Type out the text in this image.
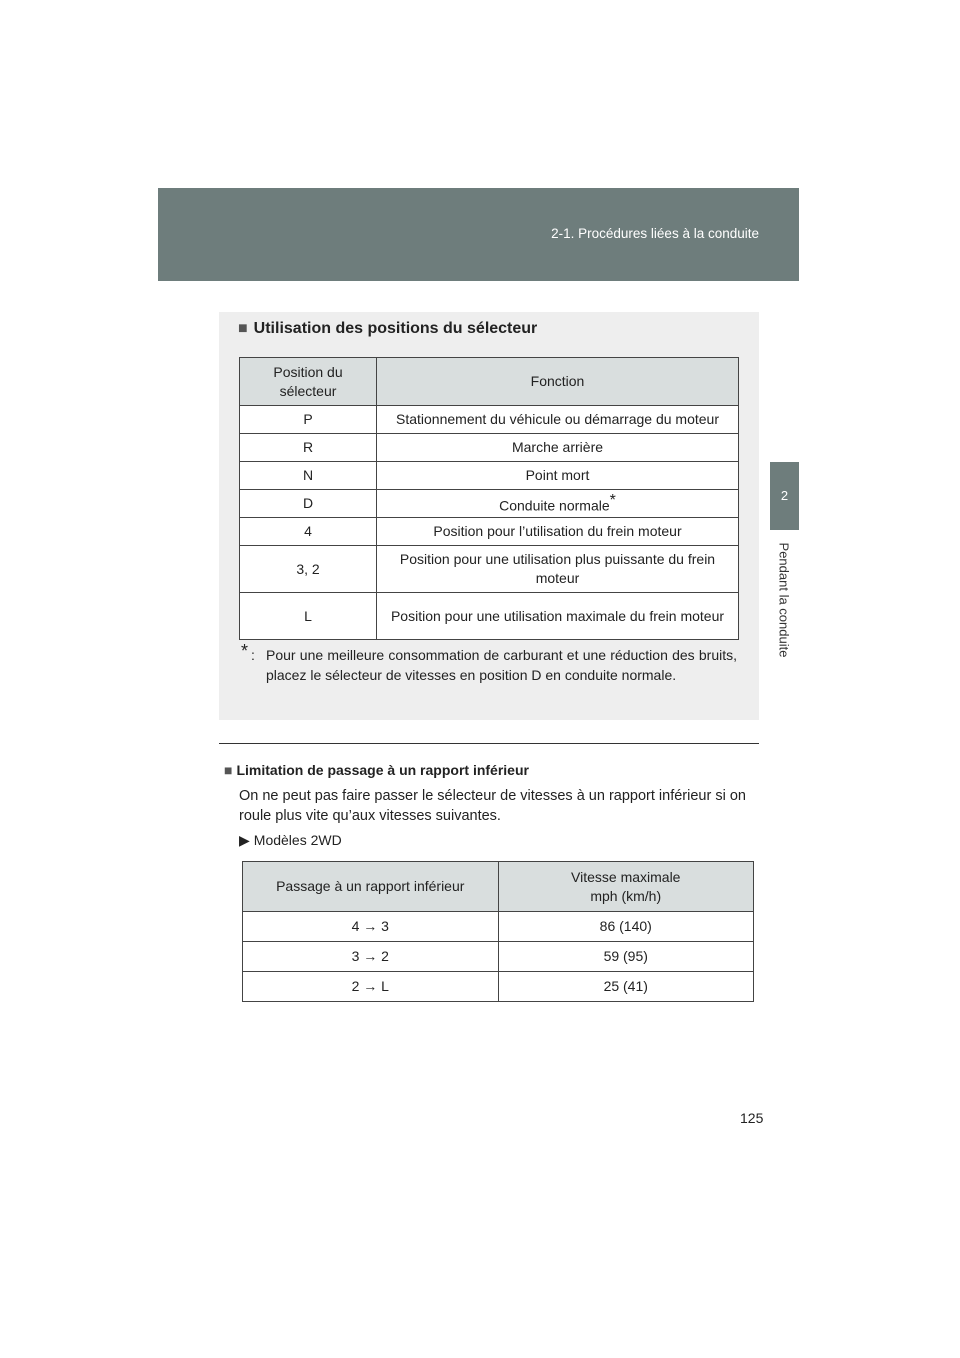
2-1. Procédures liées à la conduite
2
Pendant la conduite
■ Utilisation des positions du sélecteur
Position du sélecteur	Fonction
P	Stationnement du véhicule ou démarrage du moteur
R	Marche arrière
N	Point mort
D	Conduite normale*
4	Position pour l’utilisation du frein moteur
3, 2	Position pour une utilisation plus puissante du frein moteur
L	Position pour une utilisation maximale du frein moteur
* : Pour une meilleure consommation de carburant et une réduction des bruits, placez le sélecteur de vitesses en position D en conduite normale.
■ Limitation de passage à un rapport inférieur
On ne peut pas faire passer le sélecteur de vitesses à un rapport inférieur si on roule plus vite qu’aux vitesses suivantes.
▶ Modèles 2WD
Passage à un rapport inférieur	Vitesse maximale
mph (km/h)
4 → 3	86 (140)
3 → 2	59 (95)
2 → L	25 (41)
125
